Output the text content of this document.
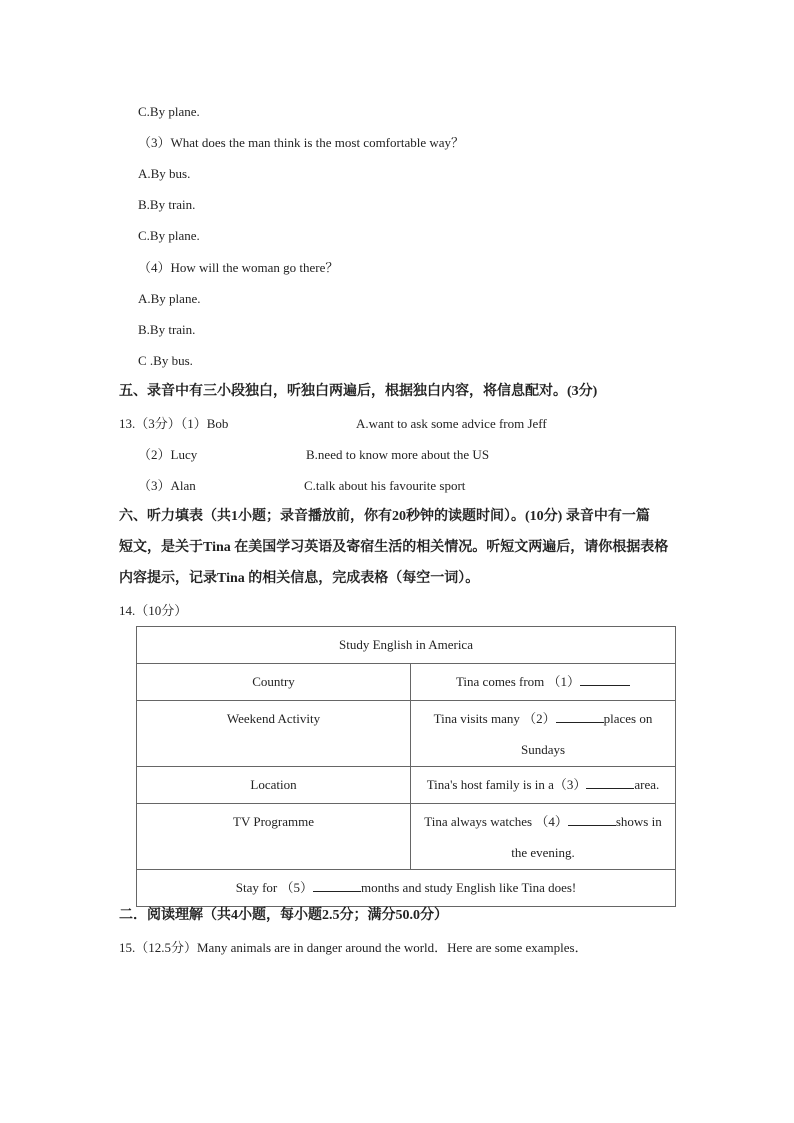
C.By plane.
（3）What does the man think is the most comfortable way？
A.By bus.
B.By train.
C.By plane.
（4）How will the woman go there？
A.By plane.
B.By train.
C .By bus.
五、录音中有三小段独白，听独白两遍后，根据独白内容，将信息配对。(3分)
13.（3分）（1）Bob	A.want to ask some advice from Jeff
（2）Lucy	B.need to know more about the US
（3）Alan	C.talk about his favourite sport
六、听力填表（共1小题；录音播放前，你有20秒钟的读题时间）。(10分) 录音中有一篇
短文，是关于Tina 在美国学习英语及寄宿生活的相关情况。听短文两遍后，请你根据表格
内容提示，记录Tina 的相关信息，完成表格（每空一词）。
14.（10分）
Study English in America	
Country	Tina comes from （1）
Weekend Activity	Tina visits many （2） places on
Sundays
Location	Tina's host family is in a（3） area.
TV Programme	Tina always watches （4） shows in
the evening.
Stay for （5） months and study English like Tina does!	
二．阅读理解（共4小题，每小题2.5分；满分50.0分）
15.（12.5分）Many animals are in danger around the world．Here are some examples．
